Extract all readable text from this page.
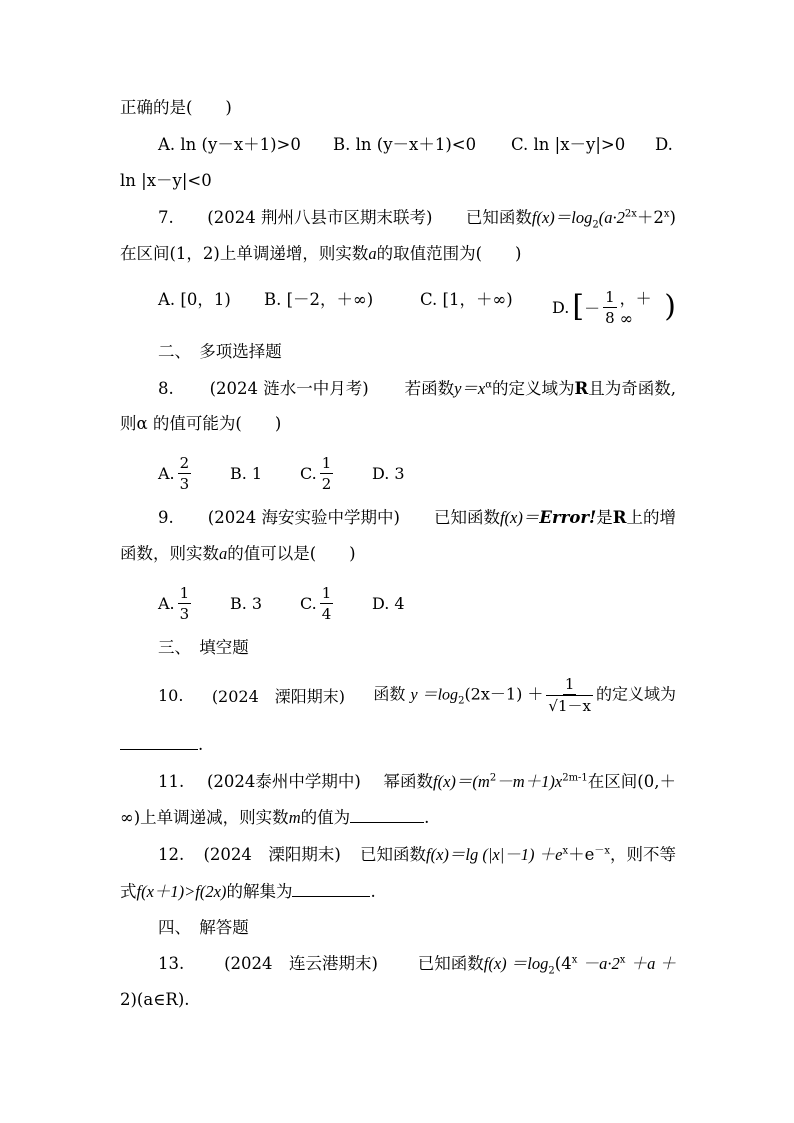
正确的是(　　)
A. ln (y－x＋1)>0 B. ln (y－x＋1)<0 C. ln |x－y|>0 D.
ln |x－y|<0
7. (2024 荆州八县市区期末联考) 已知函数$f(x)=\log_2(a\cdot 2^{2x}+2^x)$
在区间(1，2)上单调递增，则实数a的取值范围为(　　)
A. [0，1) B. [－2，＋∞)	C. [1，＋∞) D. [ － $\frac{1}{8}$ ，＋∞	)
二、　多项选择题
8. (2024 涟水一中月考) 若函数$y=x^\alpha$的定义域为R且为奇函数,
则α 的值可能为(　　)
A. $\frac{2}{3} B$. 1 C. $\frac{1}{2} D$. 3
9. (2024 海安实验中学期中) 已知函数f(x)＝Error!是R上的增
函数，则实数a的值可以是(　　)
A. $\frac{1}{3} B$. 3 C. $\frac{1}{4} D$. 4
三、　填空题
10. (2024　溧阳期末) 函数 $y =\log_2(2x-1) + \frac{1}{√1-x}$ 的定义域为
.
11. (2024泰州中学期中) 幂函数$f(x)=(m^2-m+1)x^{2m-1}$在区间(0,＋
∞)上单调递减，则实数m的值为	.
12. (2024　溧阳期末) 已知函数f(x)＝lg $(|x|-1) +e^x+e^{-x}$，则不等
式f(x＋1)>f(2x)的解集为	.
四、　解答题
13. (2024　连云港期末) 已知函数$f(x) =\log_2(4^x -a\cdot 2^x +a$ ＋
2)(a∈R).
